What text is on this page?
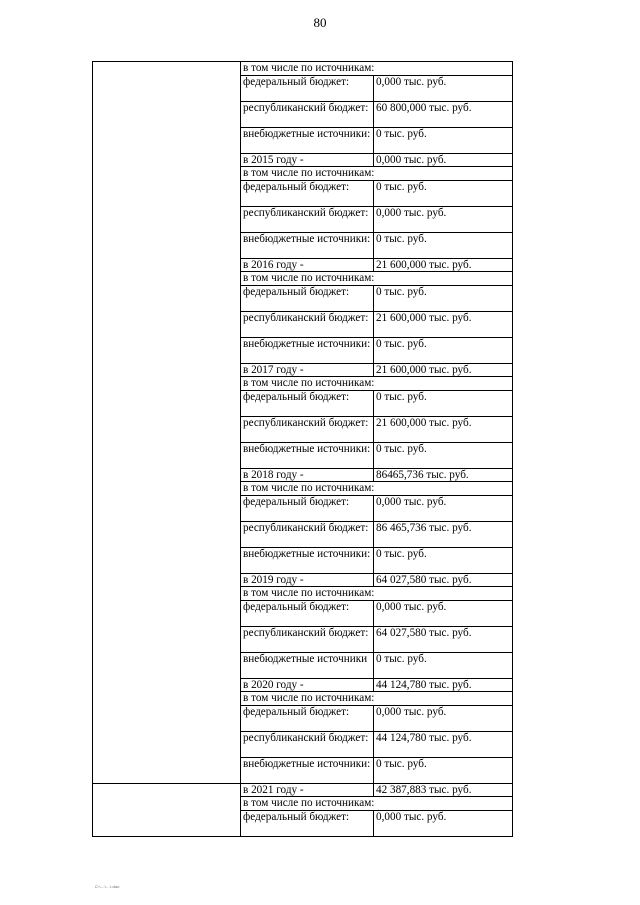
80
	в том числе по источникам:	
	федеральный бюджет:	0,000 тыс. руб.
	республиканский бюджет:	60 800,000 тыс. руб.
	внебюджетные источники:	0 тыс. руб.
	в 2015 году -	0,000 тыс. руб.
	в том числе по источникам:	
	федеральный бюджет:	0 тыс. руб.
	республиканский бюджет:	0,000 тыс. руб.
	внебюджетные источники:	0 тыс. руб.
	в 2016 году -	21 600,000 тыс. руб.
	в том числе по источникам:	
	федеральный бюджет:	0 тыс. руб.
	республиканский бюджет:	21 600,000 тыс. руб.
	внебюджетные источники:	0 тыс. руб.
	в 2017 году -	21 600,000 тыс. руб.
	в том числе по источникам:	
	федеральный бюджет:	0 тыс. руб.
	республиканский бюджет:	21 600,000 тыс. руб.
	внебюджетные источники:	0 тыс. руб.
	в 2018 году -	86465,736 тыс. руб.
	в том числе по источникам:	
	федеральный бюджет:	0,000 тыс. руб.
	республиканский бюджет:	86 465,736 тыс. руб.
	внебюджетные источники:	0 тыс. руб.
	в 2019 году -	64 027,580 тыс. руб.
	в том числе по источникам:	
	федеральный бюджет:	0,000 тыс. руб.
	республиканский бюджет:	64 027,580 тыс. руб.
	внебюджетные источники	0 тыс. руб.
	в 2020 году -	44 124,780 тыс. руб.
	в том числе по источникам:	
	федеральный бюджет:	0,000 тыс. руб.
	республиканский бюджет:	44 124,780 тыс. руб.
	внебюджетные источники:	0 тыс. руб.
	в 2021 году -	42 387,883 тыс. руб.
	в том числе по источникам:	
	федеральный бюджет:	0,000 тыс. руб.
С:\...\...\.doc
